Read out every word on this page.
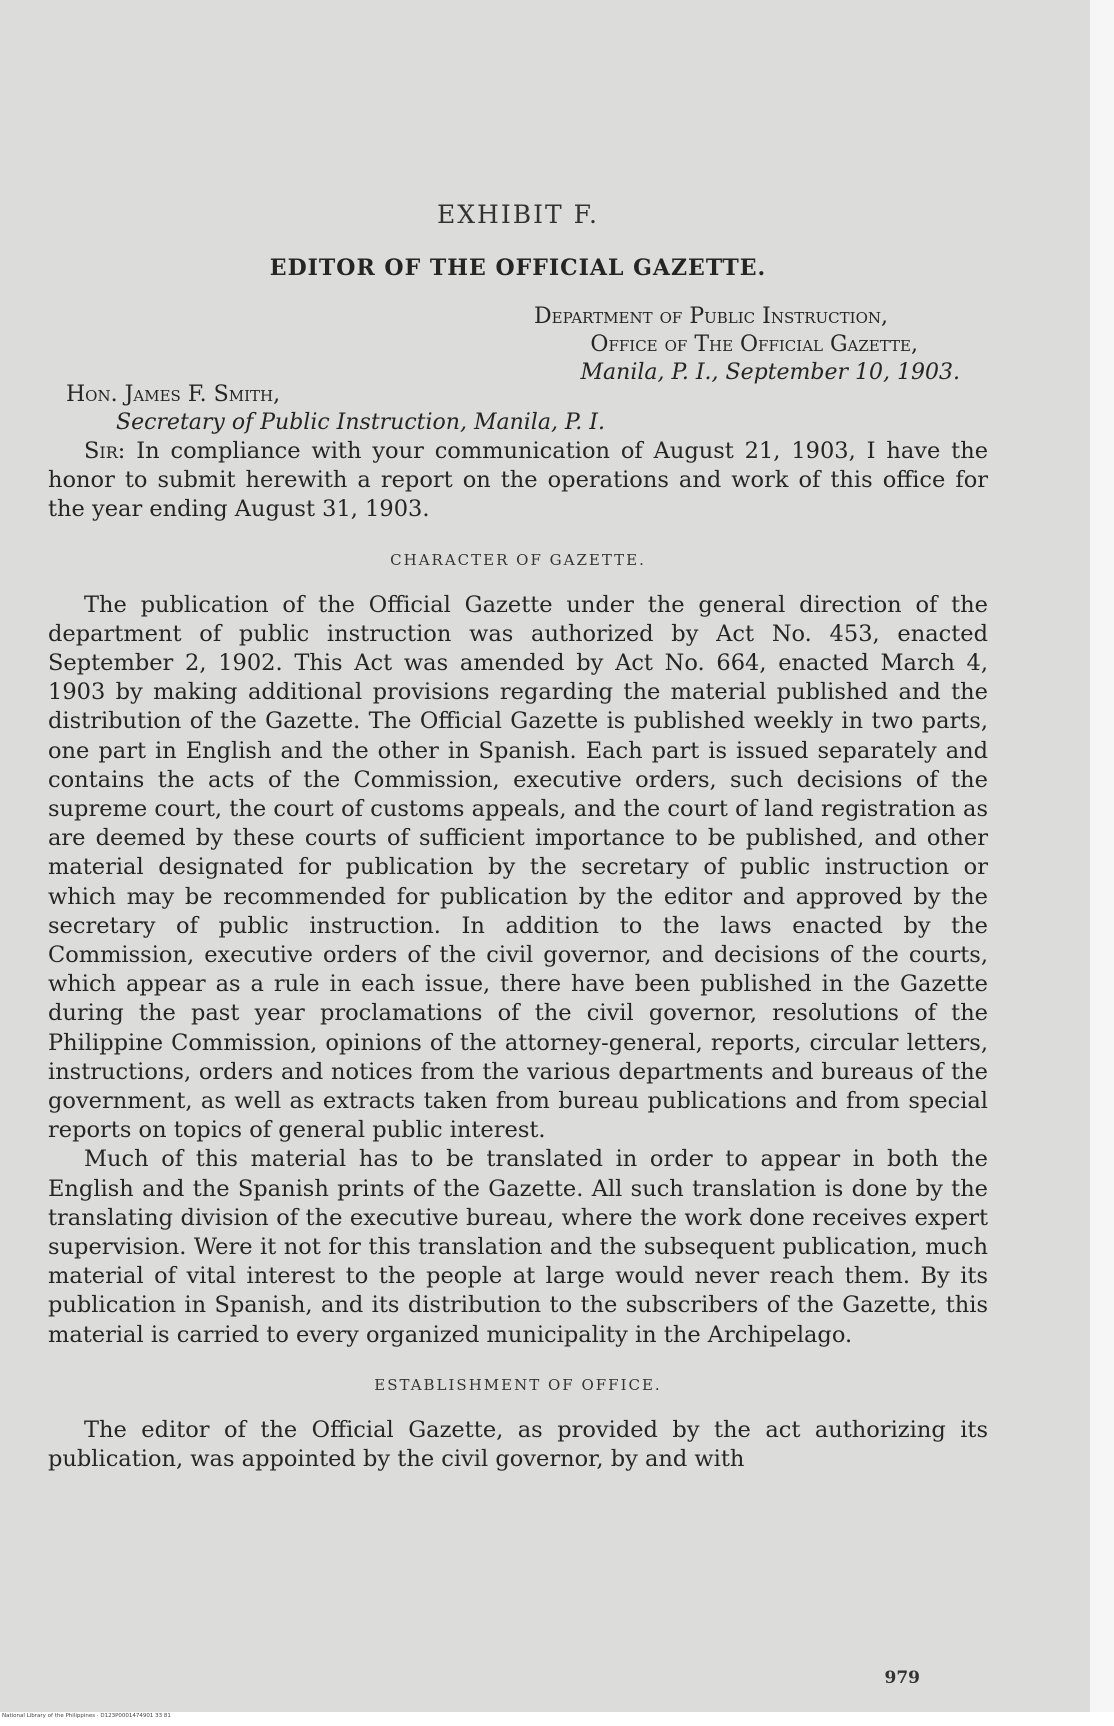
EXHIBIT F.
EDITOR OF THE OFFICIAL GAZETTE.
Department of Public Instruction,
Office of The Official Gazette,
Manila, P. I., September 10, 1903.
Hon. James F. Smith,
Secretary of Public Instruction, Manila, P. I.

Sir: In compliance with your communication of August 21, 1903, I have the honor to submit herewith a report on the operations and work of this office for the year ending August 31, 1903.

CHARACTER OF GAZETTE.

The publication of the Official Gazette under the general direction of the department of public instruction was authorized by Act No. 453, enacted September 2, 1902. This Act was amended by Act No. 664, enacted March 4, 1903 by making additional provisions regarding the material published and the distribution of the Gazette. The Official Gazette is published weekly in two parts, one part in English and the other in Spanish. Each part is issued separately and contains the acts of the Commission, executive orders, such decisions of the supreme court, the court of customs appeals, and the court of land registration as are deemed by these courts of sufficient importance to be published, and other material designated for publication by the secretary of public instruction or which may be recommended for publication by the editor and approved by the secretary of public instruction. In addition to the laws enacted by the Commission, executive orders of the civil governor, and decisions of the courts, which appear as a rule in each issue, there have been published in the Gazette during the past year proclamations of the civil governor, resolutions of the Philippine Commission, opinions of the attorney-general, reports, circular letters, instructions, orders and notices from the various departments and bureaus of the government, as well as extracts taken from bureau publications and from special reports on topics of general public interest.

Much of this material has to be translated in order to appear in both the English and the Spanish prints of the Gazette. All such translation is done by the translating division of the executive bureau, where the work done receives expert supervision. Were it not for this translation and the subsequent publication, much material of vital interest to the people at large would never reach them. By its publication in Spanish, and its distribution to the subscribers of the Gazette, this material is carried to every organized municipality in the Archipelago.

ESTABLISHMENT OF OFFICE.

The editor of the Official Gazette, as provided by the act authorizing its publication, was appointed by the civil governor, by and with

979
National Library of the Philippines · D123P0001474901 33 81
